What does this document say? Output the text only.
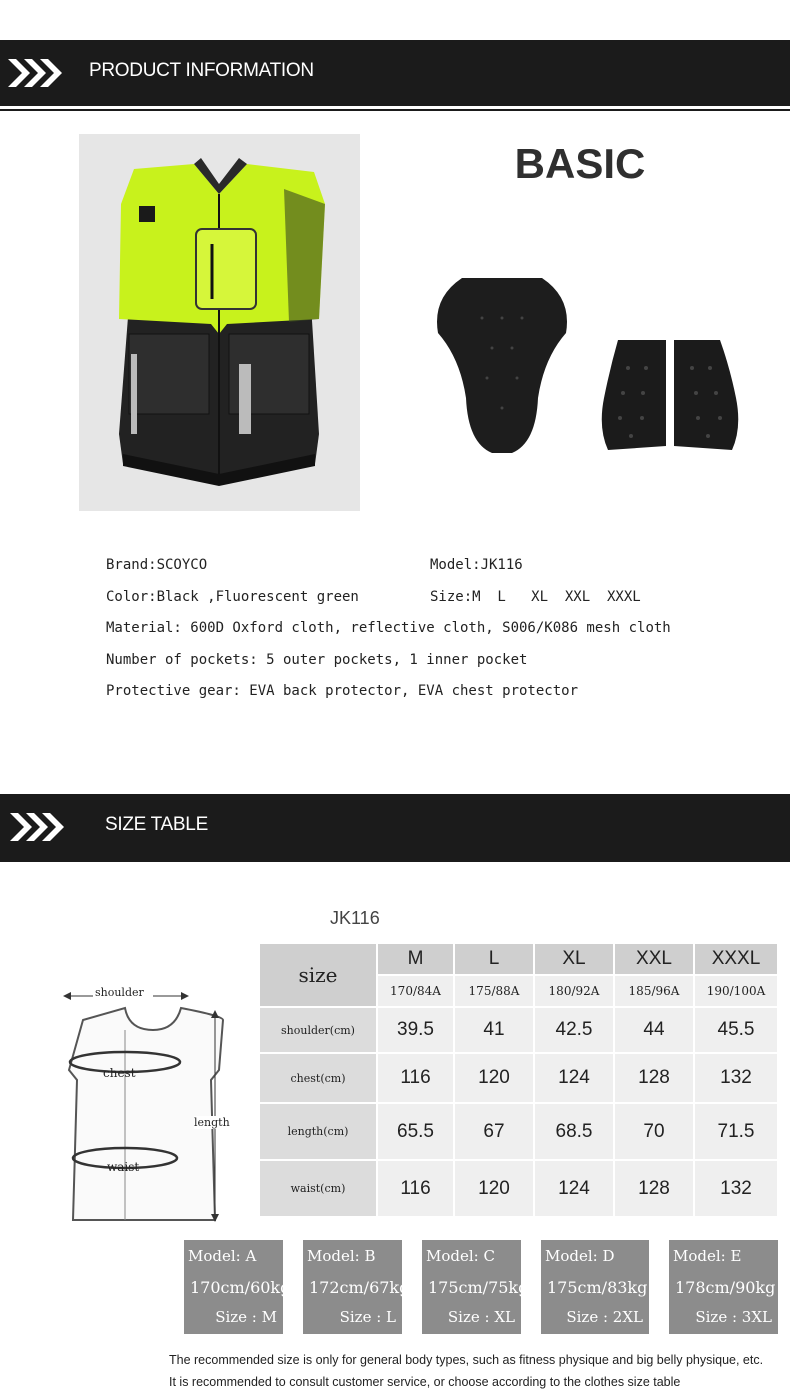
PRODUCT INFORMATION
BASIC
Brand:SCOYCO	Model:JK116
Color:Black ,Fluorescent green	Size:M  L   XL  XXL  XXXL
Material: 600D Oxford cloth, reflective cloth, S006/K086 mesh cloth
Number of pockets: 5 outer pockets, 1 inner pocket
Protective gear: EVA back protector, EVA chest protector
SIZE TABLE
JK116
shoulder
chest
waist
length
size	M	L	XL	XXL	XXXL
	170/84A	175/88A	180/92A	185/96A	190/100A
shoulder(cm)	39.5	41	42.5	44	45.5
chest(cm)	116	120	124	128	132
length(cm)	65.5	67	68.5	70	71.5
waist(cm)	116	120	124	128	132
Model: A
170cm/60kg
Size : M
Model: B
172cm/67kg
Size : L
Model: C
175cm/75kg
Size : XL
Model: D
175cm/83kg
Size : 2XL
Model: E
178cm/90kg
Size : 3XL
The recommended size is only for general body types, such as fitness physique and big belly physique, etc.
It is recommended to consult customer service, or choose according to the clothes size table
